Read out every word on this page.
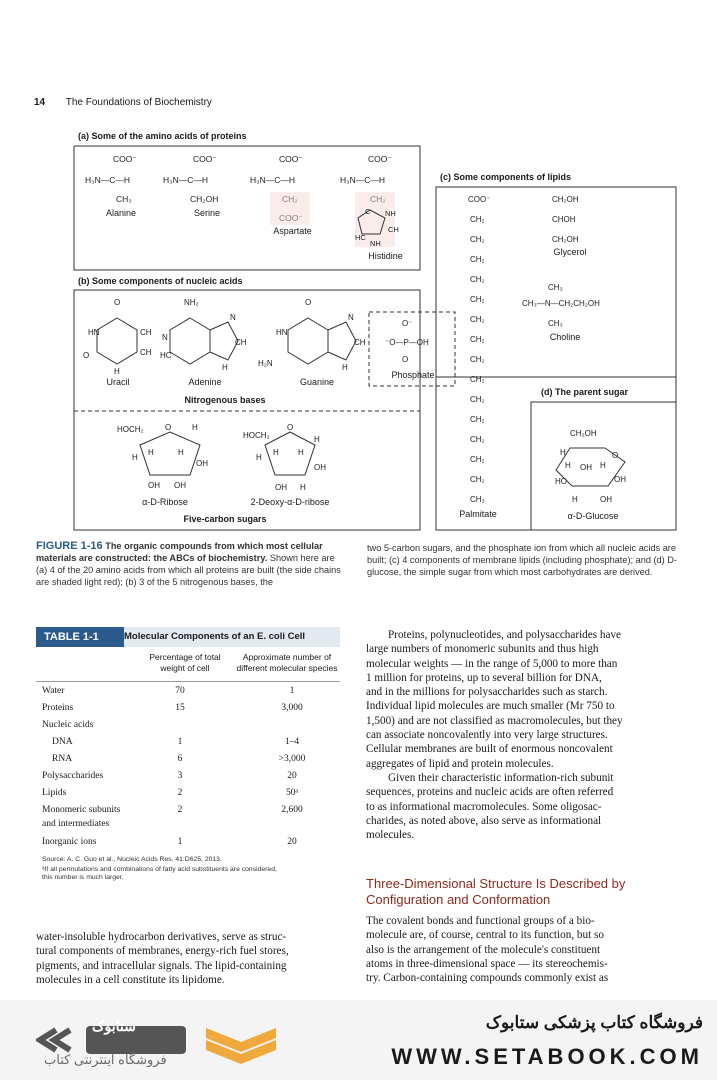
14 The Foundations of Biochemistry
(a) Some of the amino acids of proteins
(b) Some components of nucleic acids
(c) Some components of lipids
(d) The parent sugar
COO⁻
H₃N—C—H
CH₃
COO⁻
H₃N—C—H
CH₂OH
COO⁻
H₃N—C—H
COO⁻
H₃N—C—H
NH
CH
HC
NH
C
O
HN	CH
CH
O
H
NH₂
N
N
CH
HC
H
O
HN
N
CH
H₂N	H
O⁻
⁻O—P—OH
O
HOCH₂	O	H
H
H	H
OH
OH OH
HOCH₂
O
H
H
H H
OH
OH H
COO⁻
CH₂
CH₂
CH₂
CH₂
CH₂
CH₂
CH₂
CH₂
CH₂
CH₂
CH₂
CH₂
CH₂
CH₂
CH₃
CH₂OH
CHOH
CH₂OH
CH₃
CH₃—N—CH₂CH₂OH
CH₃
CH₂OH
H
H OH H
OH
HO
H	OH
O
Alanine	Serine
Aspartate
Histidine
Uracil	Adenine	Guanine
Nitrogenous bases
Phosphate
α-D-Ribose	2-Deoxy-α-D-ribose
Five-carbon sugars	Palmitate
Glycerol
Choline
α-D-Glucose
FIGURE 1-16 The organic compounds from which most cellular materials are constructed: the ABCs of biochemistry. Shown here are (a) 4 of the 20 amino acids from which all proteins are built (the side chains are shaded light red); (b) 3 of the 5 nitrogenous bases, the
two 5-carbon sugars, and the phosphate ion from which all nucleic acids are built; (c) 4 components of membrane lipids (including phosphate); and (d) D-glucose, the simple sugar from which most carbohydrates are derived.
TABLE 1-1	Molecular Components of an E. coli Cell
Percentage of total weight of cell
Approximate number of different molecular species
Water	70	1
Proteins	15	3,000
Nucleic acids
DNA	1	1–4
RNA	6	>3,000
Polysaccharides	3	20
Lipids	2	50ᵃ
Monomeric subunits	2	2,600
and intermediates
Inorganic ions	1	20
Source: A. C. Guo et al., Nucleic Acids Res. 41:D625, 2013.
ᵃIf all permutations and combinations of fatty acid substituents are considered,
this number is much larger.
Proteins, polynucleotides, and polysaccharides have
large numbers of monomeric subunits and thus high
molecular weights — in the range of 5,000 to more than
1 million for proteins, up to several billion for DNA,
and in the millions for polysaccharides such as starch.
Individual lipid molecules are much smaller (Mr 750 to
1,500) and are not classified as macromolecules, but they
can associate noncovalently into very large structures.
Cellular membranes are built of enormous noncovalent
aggregates of lipid and protein molecules.
Given their characteristic information-rich subunit
sequences, proteins and nucleic acids are often referred
to as informational macromolecules. Some oligosac-
charides, as noted above, also serve as informational
molecules.
Three-Dimensional Structure Is Described by Configuration and Conformation
The covalent bonds and functional groups of a bio-
molecule are, of course, central to its function, but so
also is the arrangement of the molecule's constituent
atoms in three-dimensional space — its stereochemis-
try. Carbon-containing compounds commonly exist as
water-insoluble hydrocarbon derivatives, serve as struc-
tural components of membranes, energy-rich fuel stores,
pigments, and intracellular signals. The lipid-containing
molecules in a cell constitute its lipidome.
ستابوک
فروشگاه اینترنتی کتاب
فروشگاه کتاب پزشکی ستابوک
WWW.SETABOOK.COM
